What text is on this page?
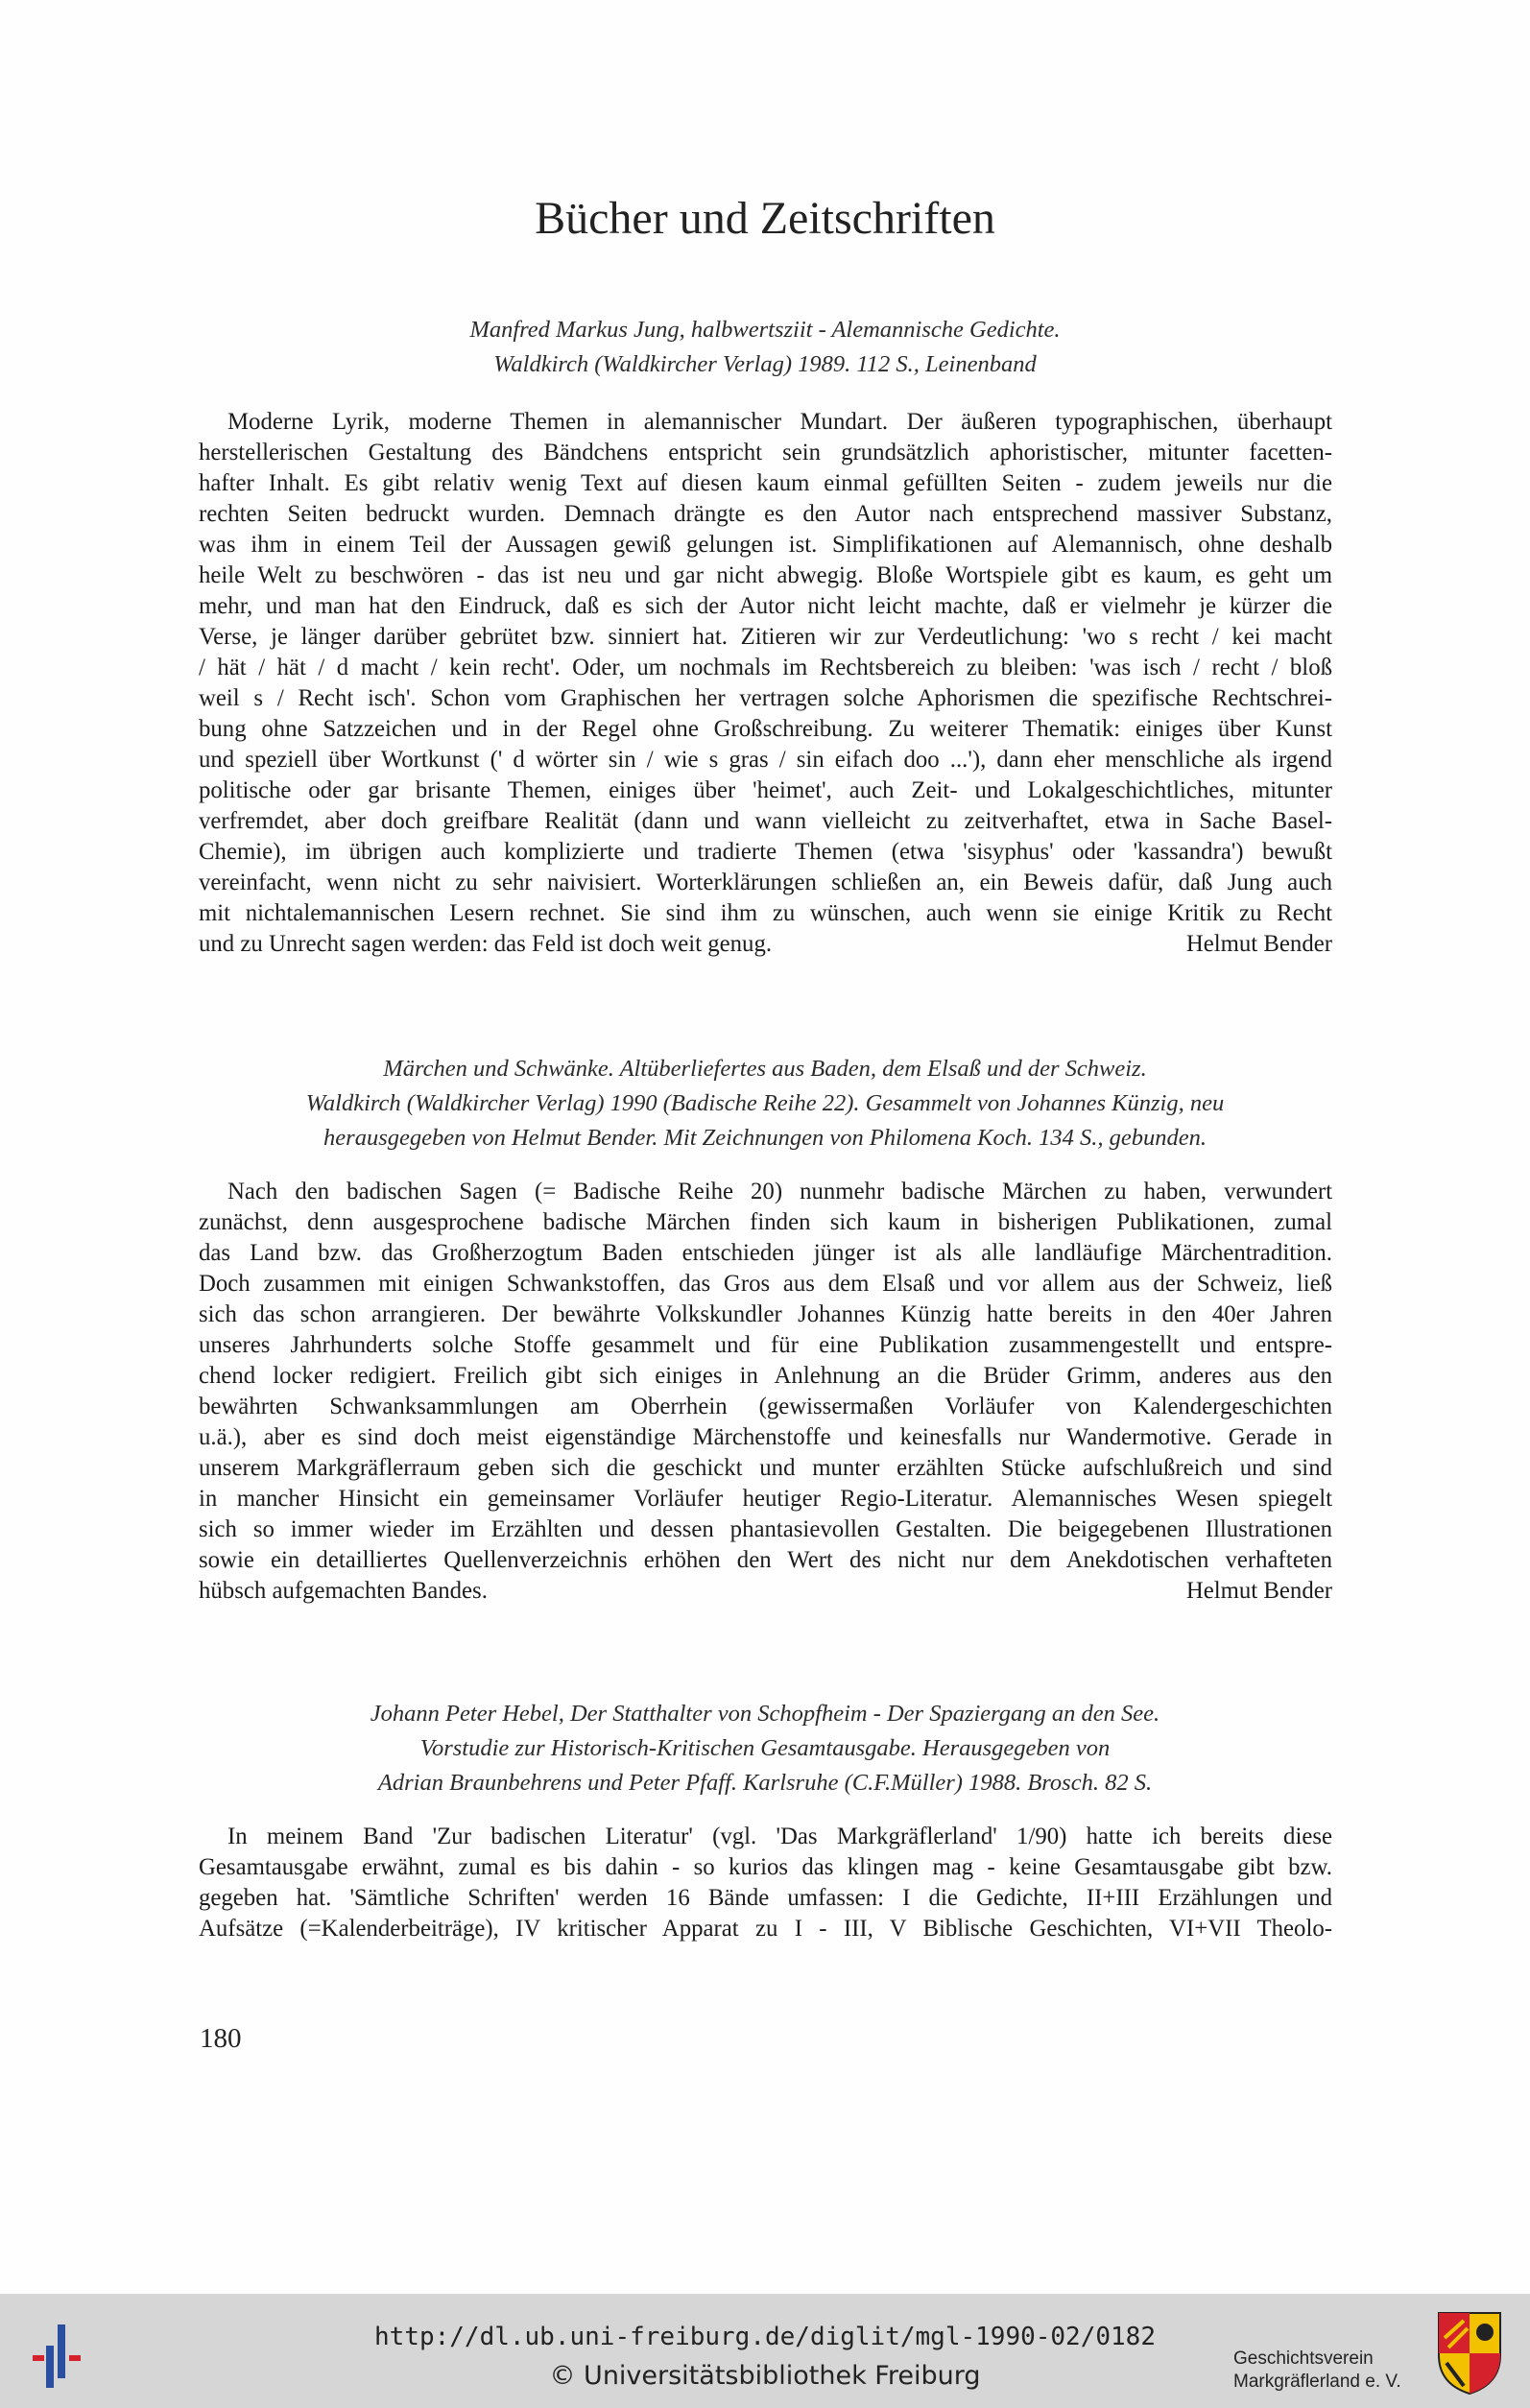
Bücher und Zeitschriften
Manfred Markus Jung, halbwertsziit - Alemannische Gedichte.
Waldkirch (Waldkircher Verlag) 1989. 112 S., Leinenband
Moderne Lyrik, moderne Themen in alemannischer Mundart. Der äußeren typographischen, überhaupt
herstellerischen Gestaltung des Bändchens entspricht sein grundsätzlich aphoristischer, mitunter facetten-
hafter Inhalt. Es gibt relativ wenig Text auf diesen kaum einmal gefüllten Seiten - zudem jeweils nur die
rechten Seiten bedruckt wurden. Demnach drängte es den Autor nach entsprechend massiver Substanz,
was ihm in einem Teil der Aussagen gewiß gelungen ist. Simplifikationen auf Alemannisch, ohne deshalb
heile Welt zu beschwören - das ist neu und gar nicht abwegig. Bloße Wortspiele gibt es kaum, es geht um
mehr, und man hat den Eindruck, daß es sich der Autor nicht leicht machte, daß er vielmehr je kürzer die
Verse, je länger darüber gebrütet bzw. sinniert hat. Zitieren wir zur Verdeutlichung: 'wo s recht / kei macht
/ hät / hät / d macht / kein recht'. Oder, um nochmals im Rechtsbereich zu bleiben: 'was isch / recht / bloß
weil s / Recht isch'. Schon vom Graphischen her vertragen solche Aphorismen die spezifische Rechtschrei-
bung ohne Satzzeichen und in der Regel ohne Großschreibung. Zu weiterer Thematik: einiges über Kunst
und speziell über Wortkunst (' d wörter sin / wie s gras / sin eifach doo ...'), dann eher menschliche als irgend
politische oder gar brisante Themen, einiges über 'heimet', auch Zeit- und Lokalgeschichtliches, mitunter
verfremdet, aber doch greifbare Realität (dann und wann vielleicht zu zeitverhaftet, etwa in Sache Basel-
Chemie), im übrigen auch komplizierte und tradierte Themen (etwa 'sisyphus' oder 'kassandra') bewußt
vereinfacht, wenn nicht zu sehr naivisiert. Worterklärungen schließen an, ein Beweis dafür, daß Jung auch
mit nichtalemannischen Lesern rechnet. Sie sind ihm zu wünschen, auch wenn sie einige Kritik zu Recht
und zu Unrecht sagen werden: das Feld ist doch weit genug.	Helmut Bender
Märchen und Schwänke. Altüberliefertes aus Baden, dem Elsaß und der Schweiz.
Waldkirch (Waldkircher Verlag) 1990 (Badische Reihe 22). Gesammelt von Johannes Künzig, neu
herausgegeben von Helmut Bender. Mit Zeichnungen von Philomena Koch. 134 S., gebunden.
Nach den badischen Sagen (= Badische Reihe 20) nunmehr badische Märchen zu haben, verwundert
zunächst, denn ausgesprochene badische Märchen finden sich kaum in bisherigen Publikationen, zumal
das Land bzw. das Großherzogtum Baden entschieden jünger ist als alle landläufige Märchentradition.
Doch zusammen mit einigen Schwankstoffen, das Gros aus dem Elsaß und vor allem aus der Schweiz, ließ
sich das schon arrangieren. Der bewährte Volkskundler Johannes Künzig hatte bereits in den 40er Jahren
unseres Jahrhunderts solche Stoffe gesammelt und für eine Publikation zusammengestellt und entspre-
chend locker redigiert. Freilich gibt sich einiges in Anlehnung an die Brüder Grimm, anderes aus den
bewährten Schwanksammlungen am Oberrhein (gewissermaßen Vorläufer von Kalendergeschichten
u.ä.), aber es sind doch meist eigenständige Märchenstoffe und keinesfalls nur Wandermotive. Gerade in
unserem Markgräflerraum geben sich die geschickt und munter erzählten Stücke aufschlußreich und sind
in mancher Hinsicht ein gemeinsamer Vorläufer heutiger Regio-Literatur. Alemannisches Wesen spiegelt
sich so immer wieder im Erzählten und dessen phantasievollen Gestalten. Die beigegebenen Illustrationen
sowie ein detailliertes Quellenverzeichnis erhöhen den Wert des nicht nur dem Anekdotischen verhafteten
hübsch aufgemachten Bandes.	Helmut Bender
Johann Peter Hebel, Der Statthalter von Schopfheim - Der Spaziergang an den See.
Vorstudie zur Historisch-Kritischen Gesamtausgabe. Herausgegeben von
Adrian Braunbehrens und Peter Pfaff. Karlsruhe (C.F.Müller) 1988. Brosch. 82 S.
In meinem Band 'Zur badischen Literatur' (vgl. 'Das Markgräflerland' 1/90) hatte ich bereits diese
Gesamtausgabe erwähnt, zumal es bis dahin - so kurios das klingen mag - keine Gesamtausgabe gibt bzw.
gegeben hat. 'Sämtliche Schriften' werden 16 Bände umfassen: I die Gedichte, II+III Erzählungen und
Aufsätze (=Kalenderbeiträge), IV kritischer Apparat zu I - III, V Biblische Geschichten, VI+VII Theolo-
180
http://dl.ub.uni-freiburg.de/diglit/mgl-1990-02/0182
© Universitätsbibliothek Freiburg
Geschichtsverein
Markgräflerland e. V.
